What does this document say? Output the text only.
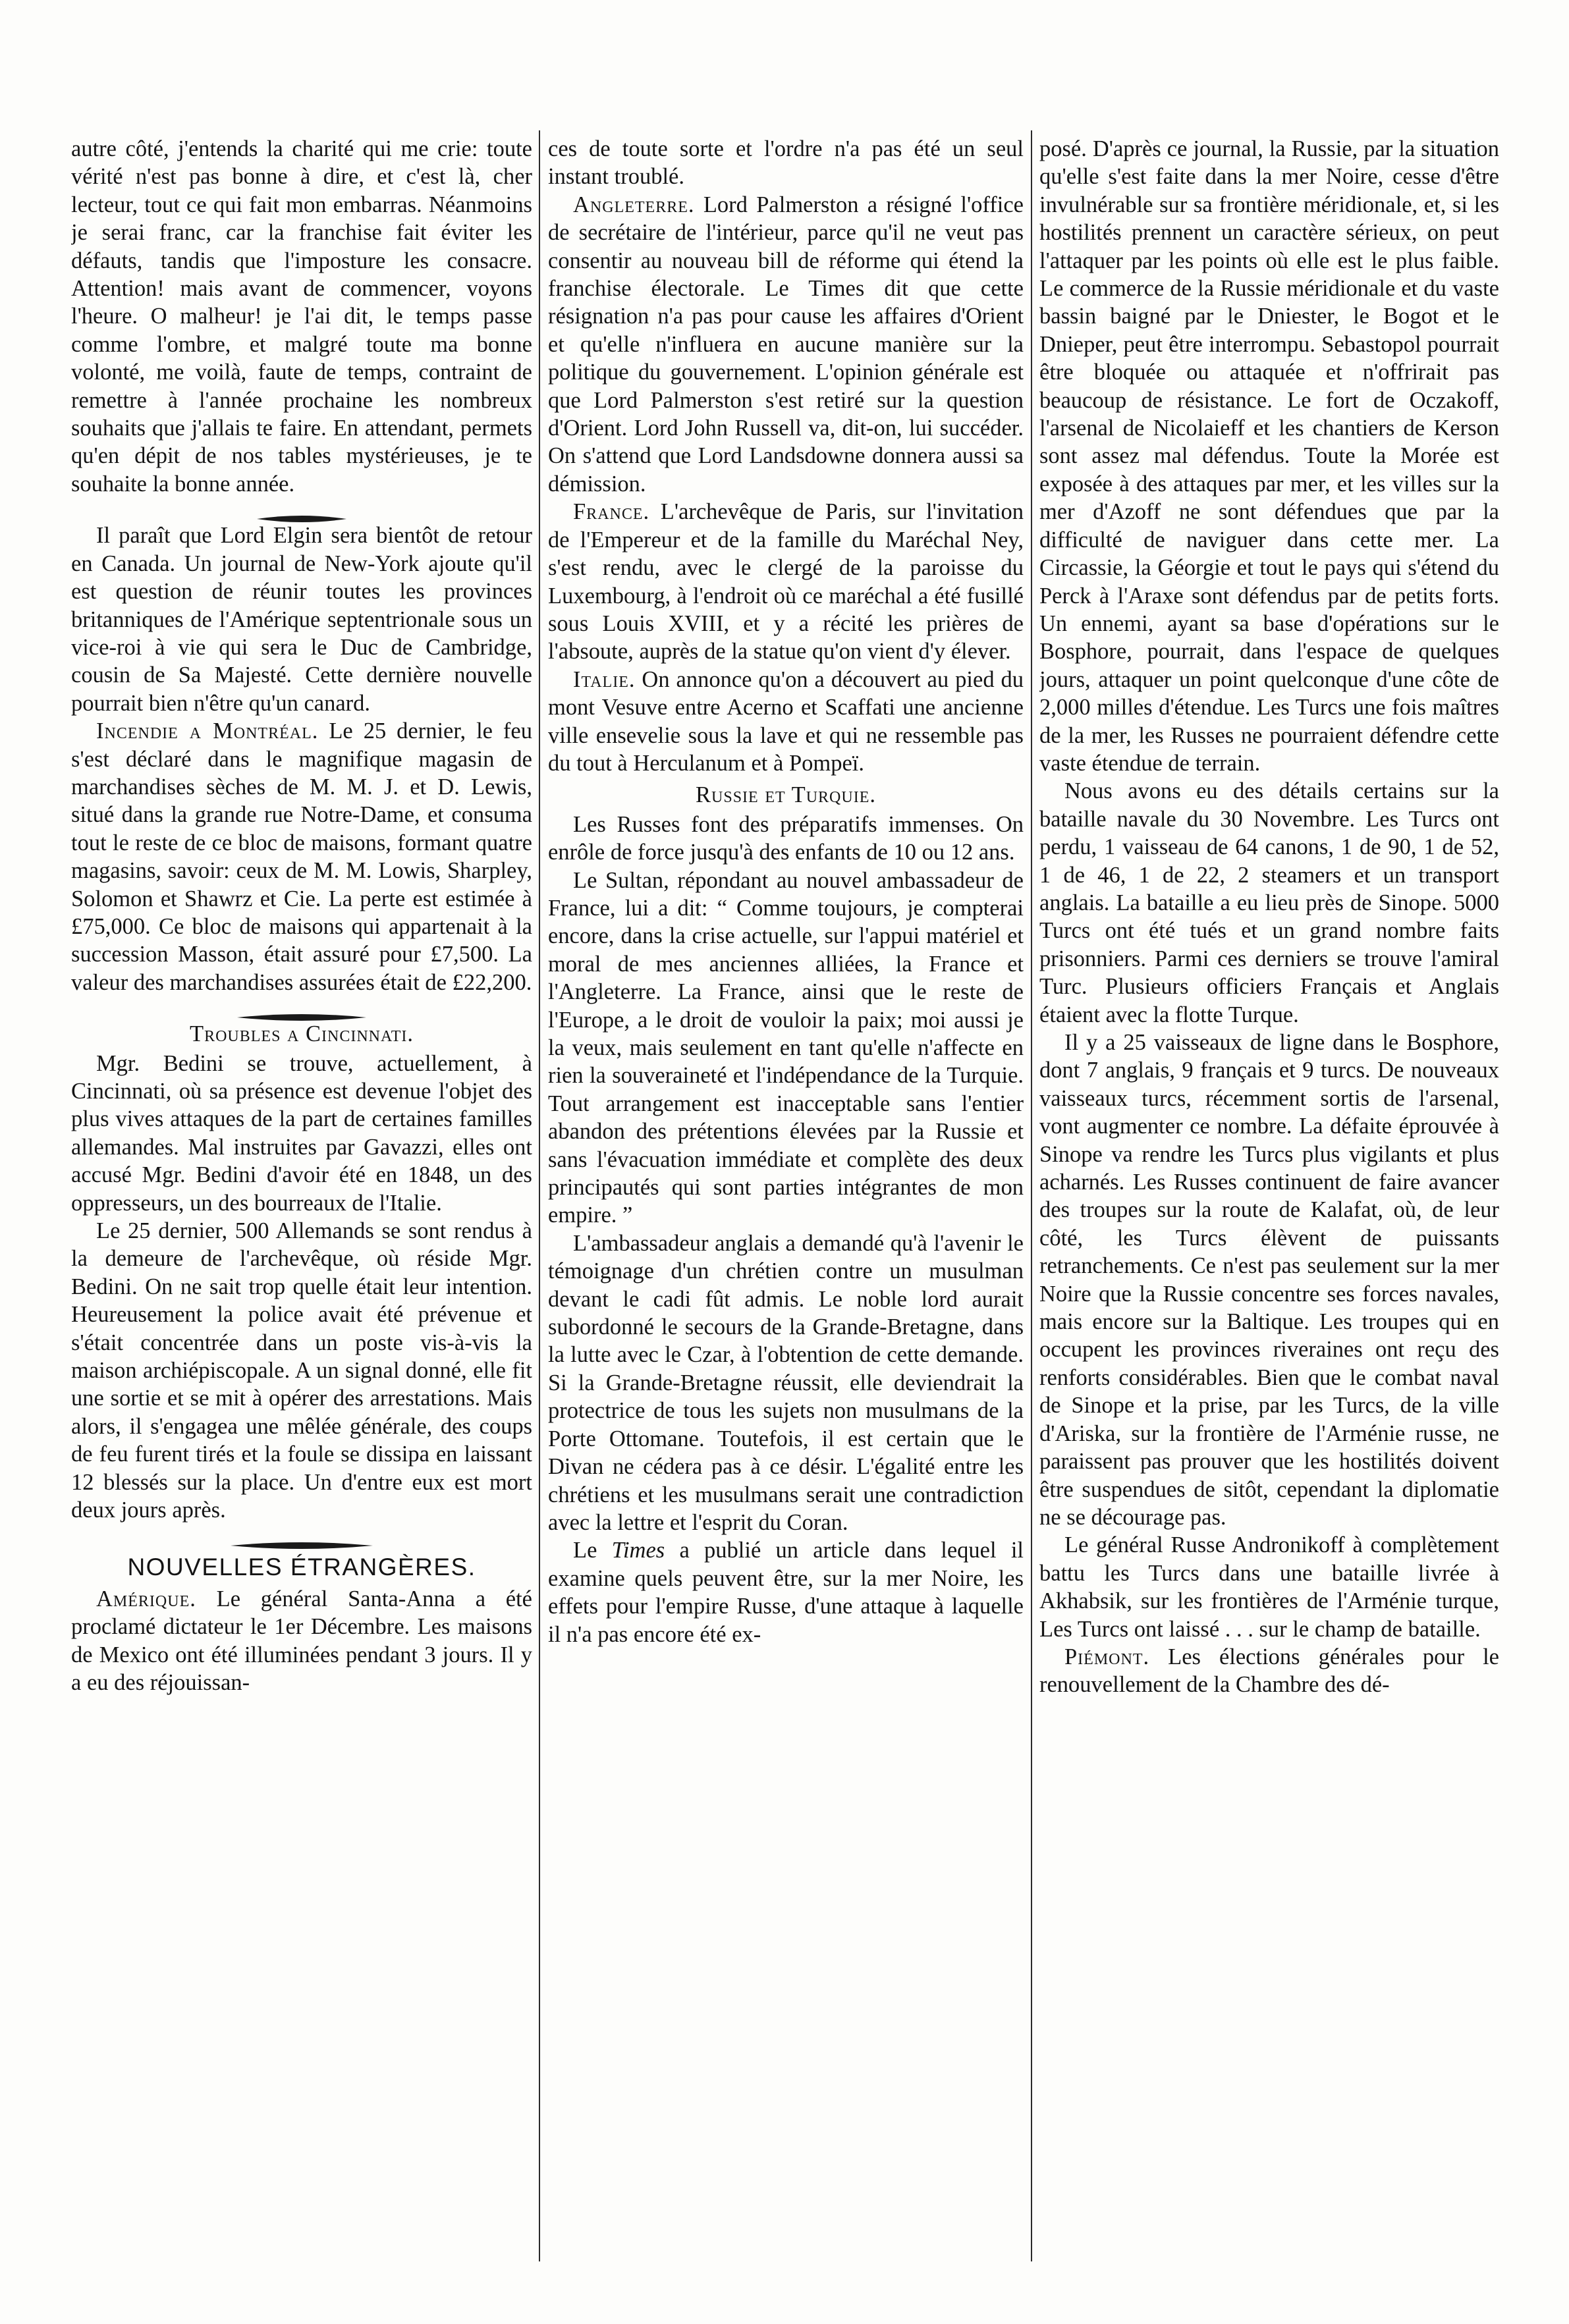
autre côté, j'entends la charité qui me crie: toute vérité n'est pas bonne à dire, et c'est là, cher lecteur, tout ce qui fait mon embarras. Néanmoins je serai franc, car la franchise fait éviter les défauts, tandis que l'imposture les consacre. Attention! mais avant de commencer, voyons l'heure. O malheur! je l'ai dit, le temps passe comme l'ombre, et malgré toute ma bonne volonté, me voilà, faute de temps, contraint de remettre à l'année prochaine les nombreux souhaits que j'allais te faire. En attendant, permets qu'en dépit de nos tables mystérieuses, je te souhaite la bonne année.

Il paraît que Lord Elgin sera bientôt de retour en Canada. Un journal de New-York ajoute qu'il est question de réunir toutes les provinces britanniques de l'Amérique septentrionale sous un vice-roi à vie qui sera le Duc de Cambridge, cousin de Sa Majesté. Cette dernière nouvelle pourrait bien n'être qu'un canard.

Incendie a Montréal. Le 25 dernier, le feu s'est déclaré dans le magnifique magasin de marchandises sèches de M. M. J. et D. Lewis, situé dans la grande rue Notre-Dame, et consuma tout le reste de ce bloc de maisons, formant quatre magasins, savoir: ceux de M. M. Lowis, Sharpley, Solomon et Shawrz et Cie. La perte est estimée à £75,000. Ce bloc de maisons qui appartenait à la succession Masson, était assuré pour £7,500. La valeur des marchandises assurées était de £22,200.

Troubles a Cincinnati.

Mgr. Bedini se trouve, actuellement, à Cincinnati, où sa présence est devenue l'objet des plus vives attaques de la part de certaines familles allemandes. Mal instruites par Gavazzi, elles ont accusé Mgr. Bedini d'avoir été en 1848, un des oppresseurs, un des bourreaux de l'Italie.

Le 25 dernier, 500 Allemands se sont rendus à la demeure de l'archevêque, où réside Mgr. Bedini. On ne sait trop quelle était leur intention. Heureusement la police avait été prévenue et s'était concentrée dans un poste vis-à-vis la maison archiépiscopale. A un signal donné, elle fit une sortie et se mit à opérer des arrestations. Mais alors, il s'engagea une mêlée générale, des coups de feu furent tirés et la foule se dissipa en laissant 12 blessés sur la place. Un d'entre eux est mort deux jours après.

NOUVELLES ÉTRANGÈRES.

Amérique. Le général Santa-Anna a été proclamé dictateur le 1er Décembre. Les maisons de Mexico ont été illuminées pendant 3 jours. Il y a eu des réjouissan-

ces de toute sorte et l'ordre n'a pas été un seul instant troublé.

Angleterre. Lord Palmerston a résigné l'office de secrétaire de l'intérieur, parce qu'il ne veut pas consentir au nouveau bill de réforme qui étend la franchise électorale. Le Times dit que cette résignation n'a pas pour cause les affaires d'Orient et qu'elle n'influera en aucune manière sur la politique du gouvernement. L'opinion générale est que Lord Palmerston s'est retiré sur la question d'Orient. Lord John Russell va, dit-on, lui succéder. On s'attend que Lord Landsdowne donnera aussi sa démission.

France. L'archevêque de Paris, sur l'invitation de l'Empereur et de la famille du Maréchal Ney, s'est rendu, avec le clergé de la paroisse du Luxembourg, à l'endroit où ce maréchal a été fusillé sous Louis XVIII, et y a récité les prières de l'absoute, auprès de la statue qu'on vient d'y élever.

Italie. On annonce qu'on a découvert au pied du mont Vesuve entre Acerno et Scaffati une ancienne ville ensevelie sous la lave et qui ne ressemble pas du tout à Herculanum et à Pompeï.

Russie et Turquie.

Les Russes font des préparatifs immenses. On enrôle de force jusqu'à des enfants de 10 ou 12 ans.

Le Sultan, répondant au nouvel ambassadeur de France, lui a dit: “ Comme toujours, je compterai encore, dans la crise actuelle, sur l'appui matériel et moral de mes anciennes alliées, la France et l'Angleterre. La France, ainsi que le reste de l'Europe, a le droit de vouloir la paix; moi aussi je la veux, mais seulement en tant qu'elle n'affecte en rien la souveraineté et l'indépendance de la Turquie. Tout arrangement est inacceptable sans l'entier abandon des prétentions élevées par la Russie et sans l'évacuation immédiate et complète des deux principautés qui sont parties intégrantes de mon empire. ”

L'ambassadeur anglais a demandé qu'à l'avenir le témoignage d'un chrétien contre un musulman devant le cadi fût admis. Le noble lord aurait subordonné le secours de la Grande-Bretagne, dans la lutte avec le Czar, à l'obtention de cette demande. Si la Grande-Bretagne réussit, elle deviendrait la protectrice de tous les sujets non musulmans de la Porte Ottomane. Toutefois, il est certain que le Divan ne cédera pas à ce désir. L'égalité entre les chrétiens et les musulmans serait une contradiction avec la lettre et l'esprit du Coran.

Le Times a publié un article dans lequel il examine quels peuvent être, sur la mer Noire, les effets pour l'empire Russe, d'une attaque à laquelle il n'a pas encore été ex-

posé. D'après ce journal, la Russie, par la situation qu'elle s'est faite dans la mer Noire, cesse d'être invulnérable sur sa frontière méridionale, et, si les hostilités prennent un caractère sérieux, on peut l'attaquer par les points où elle est le plus faible. Le commerce de la Russie méridionale et du vaste bassin baigné par le Dniester, le Bogot et le Dnieper, peut être interrompu. Sebastopol pourrait être bloquée ou attaquée et n'offrirait pas beaucoup de résistance. Le fort de Oczakoff, l'arsenal de Nicolaieff et les chantiers de Kerson sont assez mal défendus. Toute la Morée est exposée à des attaques par mer, et les villes sur la mer d'Azoff ne sont défendues que par la difficulté de naviguer dans cette mer. La Circassie, la Géorgie et tout le pays qui s'étend du Perck à l'Araxe sont défendus par de petits forts. Un ennemi, ayant sa base d'opérations sur le Bosphore, pourrait, dans l'espace de quelques jours, attaquer un point quelconque d'une côte de 2,000 milles d'étendue. Les Turcs une fois maîtres de la mer, les Russes ne pourraient défendre cette vaste étendue de terrain.

Nous avons eu des détails certains sur la bataille navale du 30 Novembre. Les Turcs ont perdu, 1 vaisseau de 64 canons, 1 de 90, 1 de 52, 1 de 46, 1 de 22, 2 steamers et un transport anglais. La bataille a eu lieu près de Sinope. 5000 Turcs ont été tués et un grand nombre faits prisonniers. Parmi ces derniers se trouve l'amiral Turc. Plusieurs officiers Français et Anglais étaient avec la flotte Turque.

Il y a 25 vaisseaux de ligne dans le Bosphore, dont 7 anglais, 9 français et 9 turcs. De nouveaux vaisseaux turcs, récemment sortis de l'arsenal, vont augmenter ce nombre. La défaite éprouvée à Sinope va rendre les Turcs plus vigilants et plus acharnés. Les Russes continuent de faire avancer des troupes sur la route de Kalafat, où, de leur côté, les Turcs élèvent de puissants retranchements. Ce n'est pas seulement sur la mer Noire que la Russie concentre ses forces navales, mais encore sur la Baltique. Les troupes qui en occupent les provinces riveraines ont reçu des renforts considérables. Bien que le combat naval de Sinope et la prise, par les Turcs, de la ville d'Ariska, sur la frontière de l'Arménie russe, ne paraissent pas prouver que les hostilités doivent être suspendues de sitôt, cependant la diplomatie ne se décourage pas.

Le général Russe Andronikoff à complètement battu les Turcs dans une bataille livrée à Akhabsik, sur les frontières de l'Arménie turque, Les Turcs ont laissé . . . sur le champ de bataille.

Piémont. Les élections générales pour le renouvellement de la Chambre des dé-
